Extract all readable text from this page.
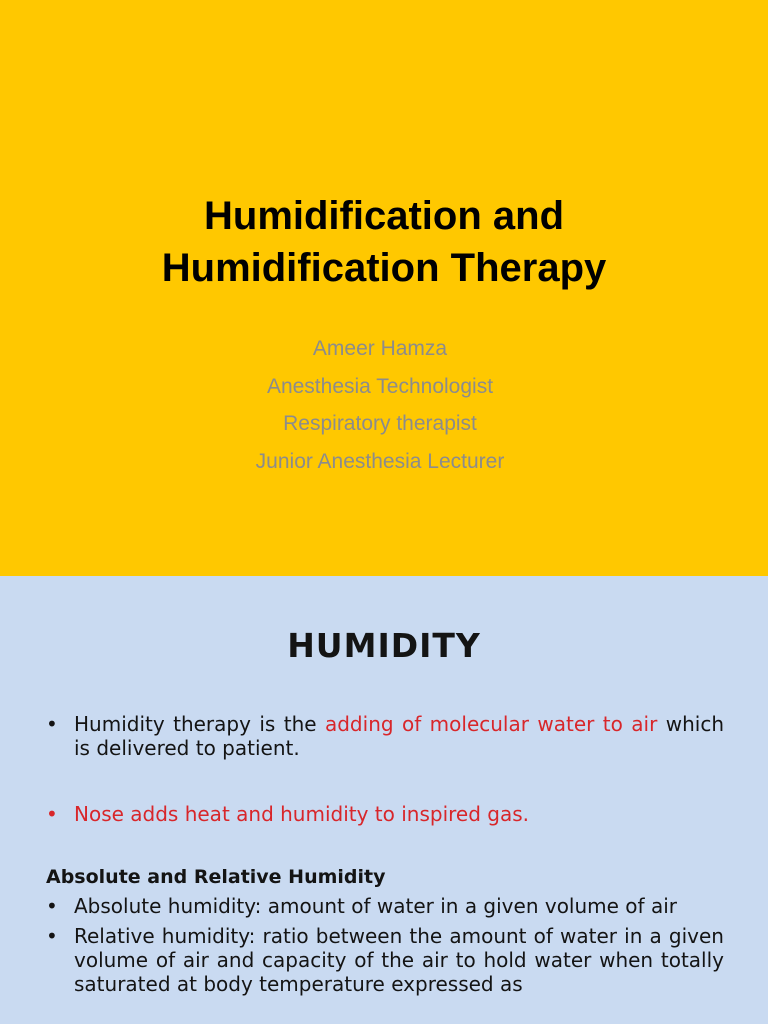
Humidification and
Humidification Therapy
Ameer Hamza
Anesthesia Technologist
Respiratory therapist
Junior Anesthesia Lecturer
HUMIDITY
• Humidity therapy is the adding of molecular water to air which is delivered to patient.
• Nose adds heat and humidity to inspired gas.
Absolute and Relative Humidity
• Absolute humidity: amount of water in a given volume of air
• Relative humidity: ratio between the amount of water in a given volume of air and capacity of the air to hold water when totally saturated at body temperature expressed as
